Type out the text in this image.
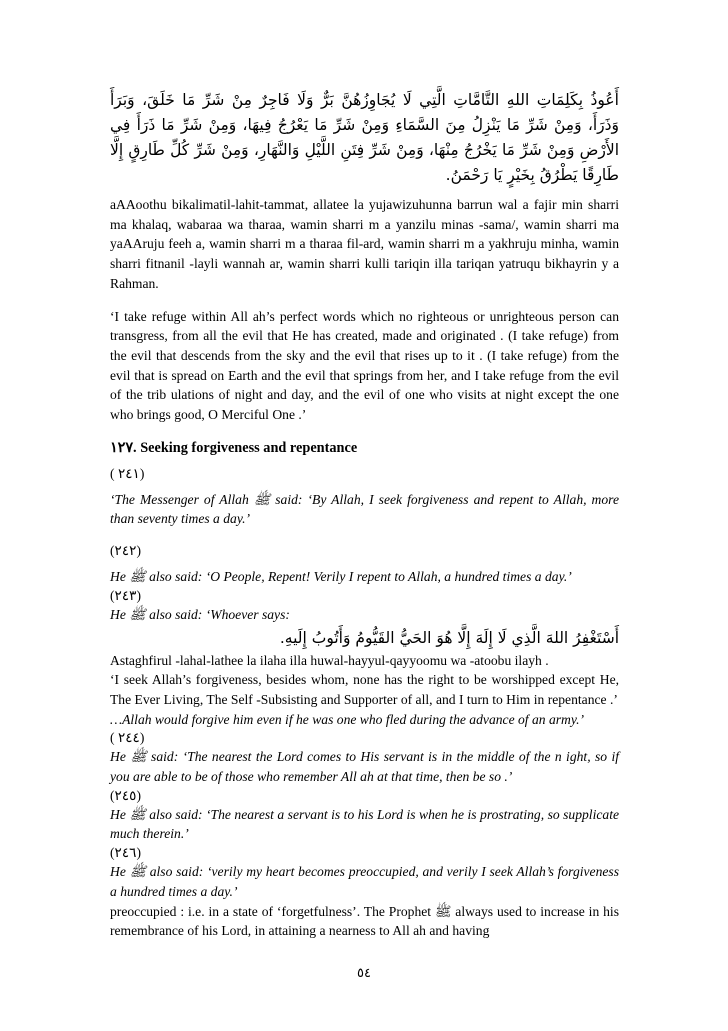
أَعُوذُ بِكَلِمَاتِ اللهِ التَّامَّاتِ الَّتِي لَا يُجَاوِزُهُنَّ بَرٌّ وَلَا فَاجِرٌ مِنْ شَرِّ مَا خَلَقَ، وَبَرَأَ وَذَرَأَ، وَمِنْ شَرِّ مَا يَنْزِلُ مِنَ السَّمَاءِ وَمِنْ شَرِّ مَا يَعْرُجُ فِيهَا، وَمِنْ شَرِّ مَا ذَرَأَ فِي الأَرْضِ وَمِنْ شَرِّ مَا يَخْرُجُ مِنْهَا، وَمِنْ شَرِّ فِتَنِ اللَّيْلِ وَالنَّهَارِ، وَمِنْ شَرِّ كُلِّ طَارِقٍ إِلَّا طَارِقًا يَطْرُقُ بِخَيْرٍ يَا رَحْمَنُ.

aAAoothu bikalimatil-lahit-tammat, allatee la yujawizuhunna barrun wal a fajir min sharri ma khalaq, wabaraa wa tharaa, wamin sharri m a yanzilu minas -sama/, wamin sharri ma yaAAruju feeh a, wamin sharri m a tharaa fil-ard, wamin sharri m a yakhruju minha, wamin sharri fitnanil -layli wannah ar, wamin sharri kulli tariqin illa tariqan yatruqu bikhayrin y a Rahman.

‘I take refuge within All ah’s perfect words which no righteous or unrighteous person can transgress, from all the evil that He has created, made and originated . (I take refuge) from the evil that descends from the sky and the evil that rises up to it . (I take refuge) from the evil that is spread on Earth and the evil that springs from her, and I take refuge from the evil of the trib ulations of night and day, and the evil of one who visits at night except the one who brings good, O Merciful One .’

١٢٧. Seeking forgiveness and repentance
( ٢٤١)

‘The Messenger of Allah ﷺ said: ‘By Allah, I seek forgiveness and repent to Allah, more than seventy times a day.’

(٢٤٢)

He ﷺ also said: ‘O People, Repent! Verily I repent to Allah, a hundred times a day.’

(٢٤٣)

He ﷺ also said: ‘Whoever says:

أَسْتَغْفِرُ اللهَ الَّذِي لَا إِلَهَ إِلَّا هُوَ الحَيُّ القَيُّومُ وَأَتُوبُ إِلَيهِ.

Astaghfirul -lahal-lathee la ilaha illa huwal-hayyul-qayyoomu wa -atoobu ilayh .

‘I seek Allah’s forgiveness, besides whom, none has the right to be worshipped except He, The Ever Living, The Self -Subsisting and Supporter of all, and I turn to Him in repentance .’

…Allah would forgive him even if he was one who fled during the advance of an army.’

( ٢٤٤)

He ﷺ said: ‘The nearest the Lord comes to His servant is in the middle of the n ight, so if you are able to be of those who remember All ah at that time, then be so .’

(٢٤٥)

He ﷺ also said: ‘The nearest a servant is to his Lord is when he is prostrating, so supplicate much therein.’

(٢٤٦)

He ﷺ also said: ‘verily my heart becomes preoccupied, and verily I seek Allah’s forgiveness a hundred times a day.’

preoccupied : i.e. in a state of ‘forgetfulness’. The Prophet ﷺ always used to increase in his remembrance of his Lord, in attaining a nearness to All ah and having

٥٤
